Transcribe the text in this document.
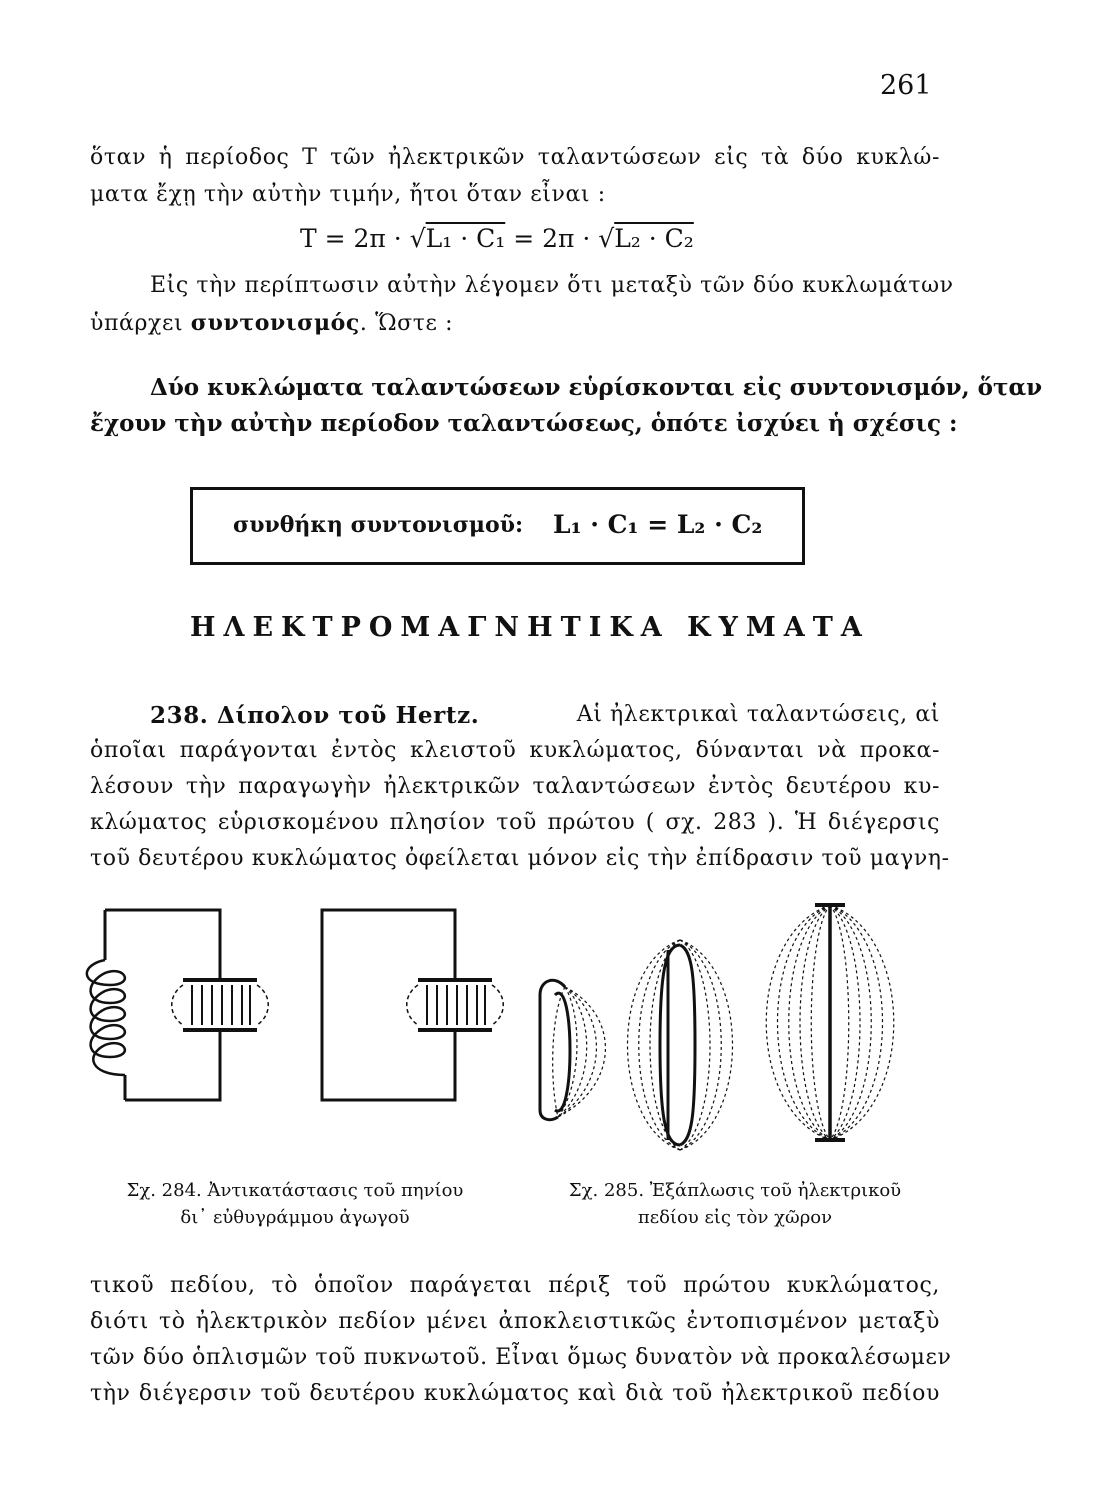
261
ὅταν ἡ περίοδος T τῶν ἠλεκτρικῶν ταλαντώσεων εἰς τὰ δύο κυκλώ-
ματα ἔχῃ τὴν αὐτὴν τιμήν, ἤτοι ὅταν εἶναι :
T = 2π · √L₁ · C₁ = 2π · √L₂ · C₂
Εἰς τὴν περίπτωσιν αὐτὴν λέγομεν ὅτι μεταξὺ τῶν δύο κυκλωμάτων
ὑπάρχει συντονισμός. Ὥστε :
Δύο κυκλώματα ταλαντώσεων εὑρίσκονται εἰς συντονισμόν, ὅταν
ἔχουν τὴν αὐτὴν περίοδον ταλαντώσεως, ὁπότε ἰσχύει ἡ σχέσις :
συνθήκη συντονισμοῦ: L₁ · C₁ = L₂ · C₂
ΗΛΕΚΤΡΟΜΑΓΝΗΤΙΚΑ ΚΥΜΑΤΑ
238. Δίπολον τοῦ Hertz.	Αἱ ἠλεκτρικαὶ ταλαντώσεις, αἱ
ὁποῖαι παράγονται ἐντὸς κλειστοῦ κυκλώματος, δύνανται νὰ προκα-
λέσουν τὴν παραγωγὴν ἠλεκτρικῶν ταλαντώσεων ἐντὸς δευτέρου κυ-
κλώματος εὑρισκομένου πλησίον τοῦ πρώτου ( σχ. 283 ). Ἡ διέγερσις
τοῦ δευτέρου κυκλώματος ὀφείλεται μόνον εἰς τὴν ἐπίδρασιν τοῦ μαγνη-
Σχ. 284. Ἀντικατάστασις τοῦ πηνίου
δι᾽ εὐθυγράμμου ἀγωγοῦ
Σχ. 285. Ἐξάπλωσις τοῦ ἠλεκτρικοῦ
πεδίου εἰς τὸν χῶρον
τικοῦ πεδίου, τὸ ὁποῖον παράγεται πέριξ τοῦ πρώτου κυκλώματος,
διότι τὸ ἠλεκτρικὸν πεδίον μένει ἀποκλειστικῶς ἐντοπισμένον μεταξὺ
τῶν δύο ὁπλισμῶν τοῦ πυκνωτοῦ. Εἶναι ὅμως δυνατὸν νὰ προκαλέσωμεν
τὴν διέγερσιν τοῦ δευτέρου κυκλώματος καὶ διὰ τοῦ ἠλεκτρικοῦ πεδίου
